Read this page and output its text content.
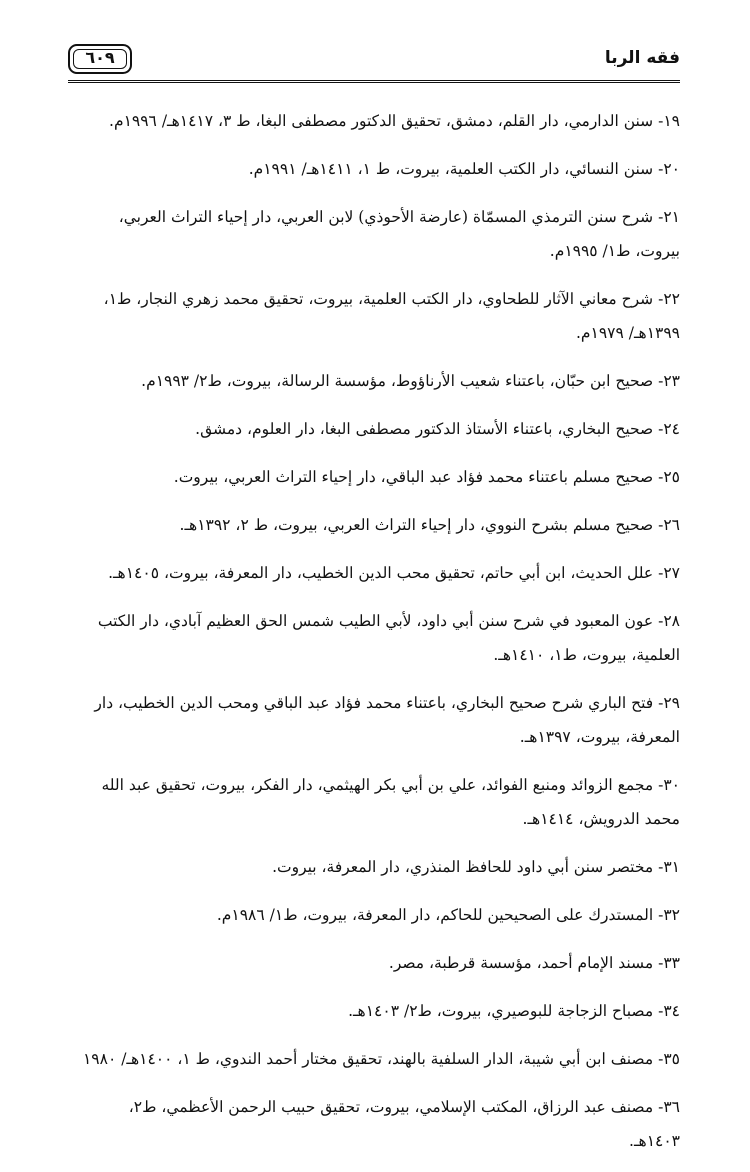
فقه الربا
٦٠٩
١٩- سنن الدارمي، دار القلم، دمشق، تحقيق الدكتور مصطفى البغا، ط ٣، ١٤١٧هـ/ ١٩٩٦م.
٢٠- سنن النسائي، دار الكتب العلمية، بيروت، ط ١، ١٤١١هـ/ ١٩٩١م.
٢١- شرح سنن الترمذي المسمّاة (عارضة الأحوذي) لابن العربي، دار إحياء التراث العربي، بيروت، ط١/ ١٩٩٥م.
٢٢- شرح معاني الآثار للطحاوي، دار الكتب العلمية، بيروت، تحقيق محمد زهري النجار، ط١، ١٣٩٩هـ/ ١٩٧٩م.
٢٣- صحيح ابن حبّان، باعتناء شعيب الأرناؤوط، مؤسسة الرسالة، بيروت، ط٢/ ١٩٩٣م.
٢٤- صحيح البخاري، باعتناء الأستاذ الدكتور مصطفى البغا، دار العلوم، دمشق.
٢٥- صحيح مسلم باعتناء محمد فؤاد عبد الباقي، دار إحياء التراث العربي، بيروت.
٢٦- صحيح مسلم بشرح النووي، دار إحياء التراث العربي، بيروت، ط ٢، ١٣٩٢هـ.
٢٧- علل الحديث، ابن أبي حاتم، تحقيق محب الدين الخطيب، دار المعرفة، بيروت، ١٤٠٥هـ.
٢٨- عون المعبود في شرح سنن أبي داود، لأبي الطيب شمس الحق العظيم آبادي، دار الكتب العلمية، بيروت، ط١، ١٤١٠هـ.
٢٩- فتح الباري شرح صحيح البخاري، باعتناء محمد فؤاد عبد الباقي ومحب الدين الخطيب، دار المعرفة، بيروت، ١٣٩٧هـ.
٣٠- مجمع الزوائد ومنبع الفوائد، علي بن أبي بكر الهيثمي، دار الفكر، بيروت، تحقيق عبد الله محمد الدرويش، ١٤١٤هـ.
٣١- مختصر سنن أبي داود للحافظ المنذري، دار المعرفة، بيروت.
٣٢- المستدرك على الصحيحين للحاكم، دار المعرفة، بيروت، ط١/ ١٩٨٦م.
٣٣- مسند الإمام أحمد، مؤسسة قرطبة، مصر.
٣٤- مصباح الزجاجة للبوصيري، بيروت، ط٢/ ١٤٠٣هـ.
٣٥- مصنف ابن أبي شيبة، الدار السلفية بالهند، تحقيق مختار أحمد الندوي، ط ١، ١٤٠٠هـ/ ١٩٨٠
٣٦- مصنف عبد الرزاق، المكتب الإسلامي، بيروت، تحقيق حبيب الرحمن الأعظمي، ط٢، ١٤٠٣هـ.
